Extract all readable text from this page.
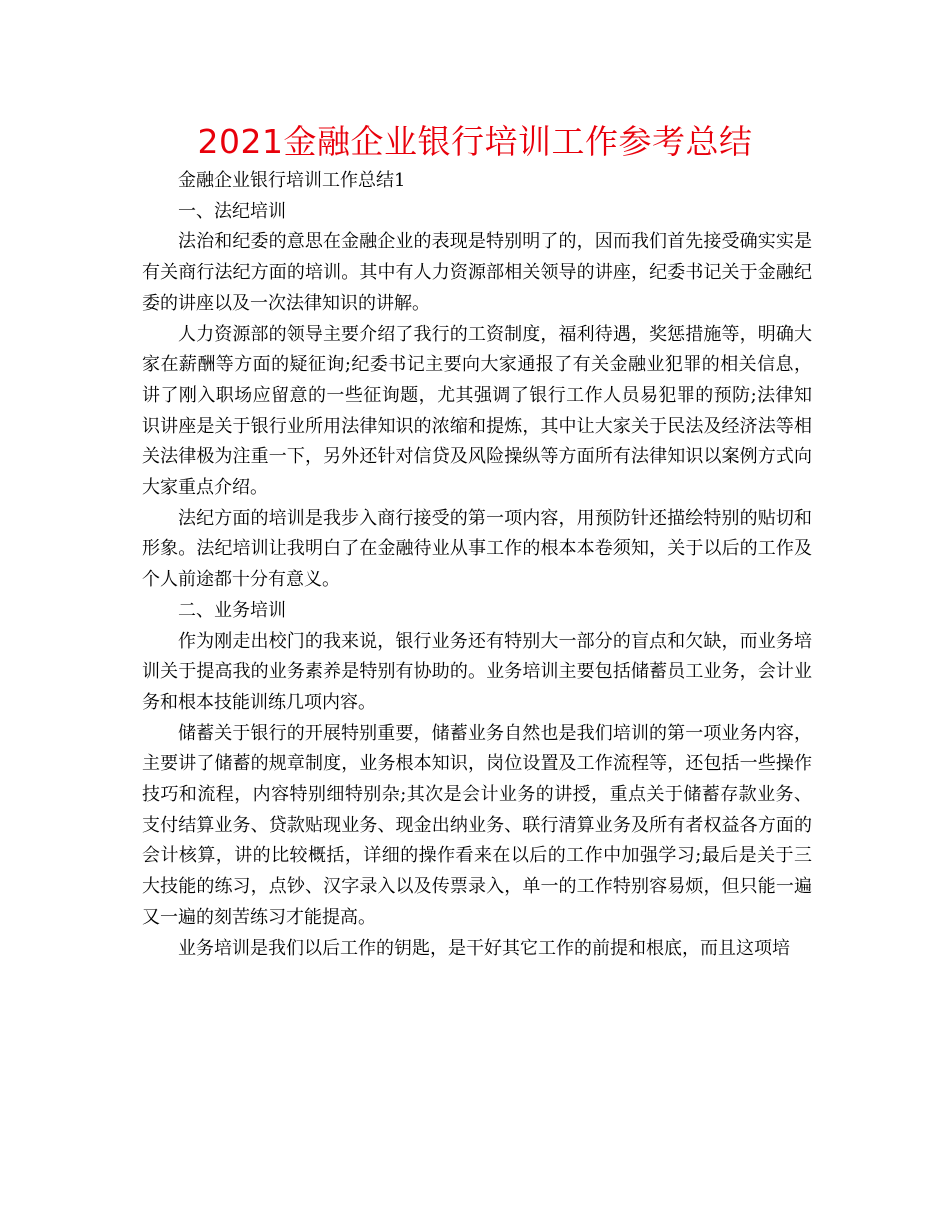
2021金融企业银行培训工作参考总结

金融企业银行培训工作总结1

一、法纪培训

法治和纪委的意思在金融企业的表现是特别明了的，因而我们首先接受确实实是有关商行法纪方面的培训。其中有人力资源部相关领导的讲座，纪委书记关于金融纪委的讲座以及一次法律知识的讲解。

人力资源部的领导主要介绍了我行的工资制度，福利待遇，奖惩措施等，明确大家在薪酬等方面的疑征询;纪委书记主要向大家通报了有关金融业犯罪的相关信息，讲了刚入职场应留意的一些征询题，尤其强调了银行工作人员易犯罪的预防;法律知识讲座是关于银行业所用法律知识的浓缩和提炼，其中让大家关于民法及经济法等相关法律极为注重一下，另外还针对信贷及风险操纵等方面所有法律知识以案例方式向大家重点介绍。

法纪方面的培训是我步入商行接受的第一项内容，用预防针还描绘特别的贴切和形象。法纪培训让我明白了在金融待业从事工作的根本本卷须知，关于以后的工作及个人前途都十分有意义。

二、业务培训

作为刚走出校门的我来说，银行业务还有特别大一部分的盲点和欠缺，而业务培训关于提高我的业务素养是特别有协助的。业务培训主要包括储蓄员工业务，会计业务和根本技能训练几项内容。

储蓄关于银行的开展特别重要，储蓄业务自然也是我们培训的第一项业务内容，主要讲了储蓄的规章制度，业务根本知识，岗位设置及工作流程等，还包括一些操作技巧和流程，内容特别细特别杂;其次是会计业务的讲授，重点关于储蓄存款业务、支付结算业务、贷款贴现业务、现金出纳业务、联行清算业务及所有者权益各方面的会计核算，讲的比较概括，详细的操作看来在以后的工作中加强学习;最后是关于三大技能的练习，点钞、汉字录入以及传票录入，单一的工作特别容易烦，但只能一遍又一遍的刻苦练习才能提高。

业务培训是我们以后工作的钥匙，是干好其它工作的前提和根底，而且这项培
